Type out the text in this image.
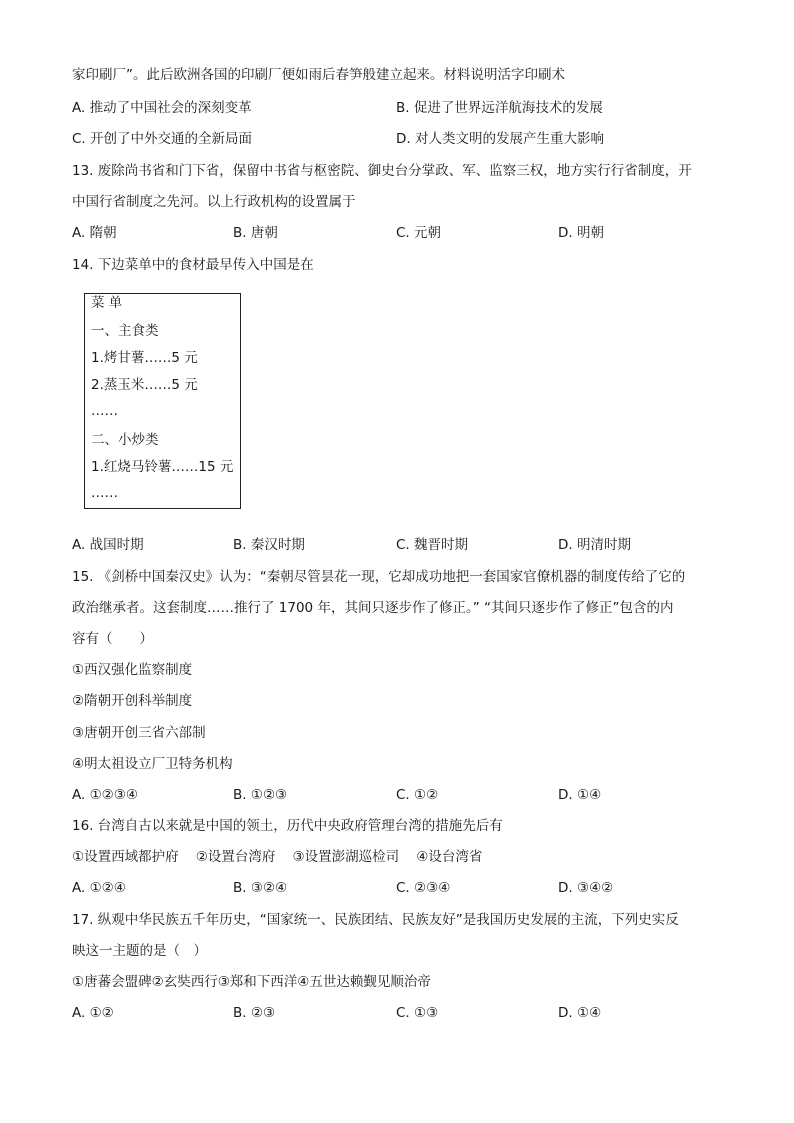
家印刷厂”。此后欧洲各国的印刷厂便如雨后春笋般建立起来。材料说明活字印刷术
A. 推动了中国社会的深刻变革	B. 促进了世界远洋航海技术的发展
C. 开创了中外交通的全新局面	D. 对人类文明的发展产生重大影响
13. 废除尚书省和门下省，保留中书省与枢密院、御史台分掌政、军、监察三权，地方实行行省制度，开
中国行省制度之先河。以上行政机构的设置属于
A. 隋朝	B. 唐朝	C. 元朝	D. 明朝
14. 下边菜单中的食材最早传入中国是在
菜 单
一、主食类
1.烤甘薯……5 元
2.蒸玉米……5 元
……
二、小炒类
1.红烧马铃薯……15 元
……
A. 战国时期	B. 秦汉时期	C. 魏晋时期	D. 明清时期
15. 《剑桥中国秦汉史》认为：“秦朝尽管昙花一现，它却成功地把一套国家官僚机器的制度传给了它的
政治继承者。这套制度……推行了 1700 年，其间只逐步作了修正。” “其间只逐步作了修正”包含的内
容有（　　）
①西汉强化监察制度
②隋朝开创科举制度
③唐朝开创三省六部制
④明太祖设立厂卫特务机构
A. ①②③④	B. ①②③	C. ①②	D. ①④
16. 台湾自古以来就是中国的领土，历代中央政府管理台湾的措施先后有
①设置西域都护府    ②设置台湾府    ③设置澎湖巡检司    ④设台湾省
A. ①②④	B. ③②④	C. ②③④	D. ③④②
17. 纵观中华民族五千年历史，“国家统一、民族团结、民族友好”是我国历史发展的主流，下列史实反
映这一主题的是（　）
①唐蕃会盟碑②玄奘西行③郑和下西洋④五世达赖觐见顺治帝
A. ①②	B. ②③	C. ①③	D. ①④
